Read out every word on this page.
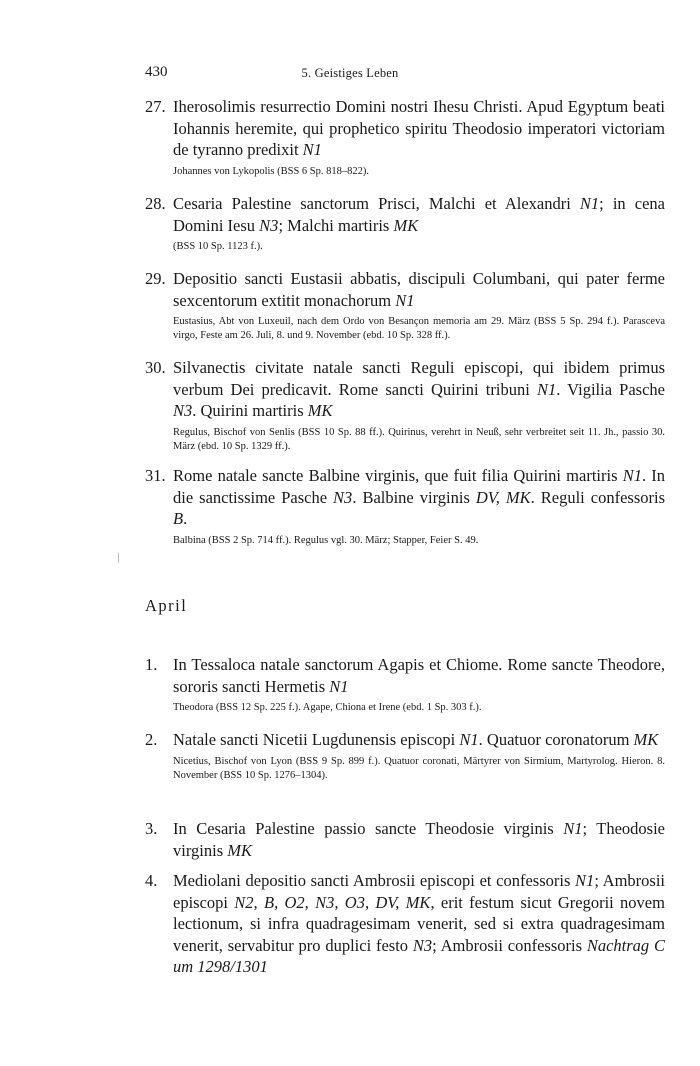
430	5. Geistiges Leben
27. Iherosolimis resurrectio Domini nostri Ihesu Christi. Apud Egyptum beati Iohannis heremite, qui prophetico spiritu Theodosio imperatori victoriam de tyranno predixit N1
Johannes von Lykopolis (BSS 6 Sp. 818–822).
28. Cesaria Palestine sanctorum Prisci, Malchi et Alexandri N1; in cena Domini Iesu N3; Malchi martiris MK
(BSS 10 Sp. 1123 f.).
29. Depositio sancti Eustasii abbatis, discipuli Columbani, qui pater ferme sexcentorum extitit monachorum N1
Eustasius, Abt von Luxeuil, nach dem Ordo von Besançon memoria am 29. März (BSS 5 Sp. 294 f.). Parasceva virgo, Feste am 26. Juli, 8. und 9. November (ebd. 10 Sp. 328 ff.).
30. Silvanectis civitate natale sancti Reguli episcopi, qui ibidem primus verbum Dei predicavit. Rome sancti Quirini tribuni N1. Vigilia Pasche N3. Quirini martiris MK
Regulus, Bischof von Senlis (BSS 10 Sp. 88 ff.). Quirinus, verehrt in Neuß, sehr verbreitet seit 11. Jh., passio 30. März (ebd. 10 Sp. 1329 ff.).
31. Rome natale sancte Balbine virginis, que fuit filia Quirini martiris N1. In die sanctissime Pasche N3. Balbine virginis DV, MK. Reguli confessoris B.
Balbina (BSS 2 Sp. 714 ff.). Regulus vgl. 30. März; Stapper, Feier S. 49.
April
1. In Tessaloca natale sanctorum Agapis et Chiome. Rome sancte Theodore, sororis sancti Hermetis N1
Theodora (BSS 12 Sp. 225 f.). Agape, Chiona et Irene (ebd. 1 Sp. 303 f.).
2. Natale sancti Nicetii Lugdunensis episcopi N1. Quatuor coronatorum MK
Nicetius, Bischof von Lyon (BSS 9 Sp. 899 f.). Quatuor coronati, Märtyrer von Sirmium, Martyrolog. Hieron. 8. November (BSS 10 Sp. 1276–1304).
3. In Cesaria Palestine passio sancte Theodosie virginis N1; Theodosie virginis MK
4. Mediolani depositio sancti Ambrosii episcopi et confessoris N1; Ambrosii episcopi N2, B, O2, N3, O3, DV, MK, erit festum sicut Gregorii novem lectionum, si infra quadragesimam venerit, sed si extra quadragesimam venerit, servabitur pro duplici festo N3; Ambrosii confessoris Nachtrag C um 1298/1301
